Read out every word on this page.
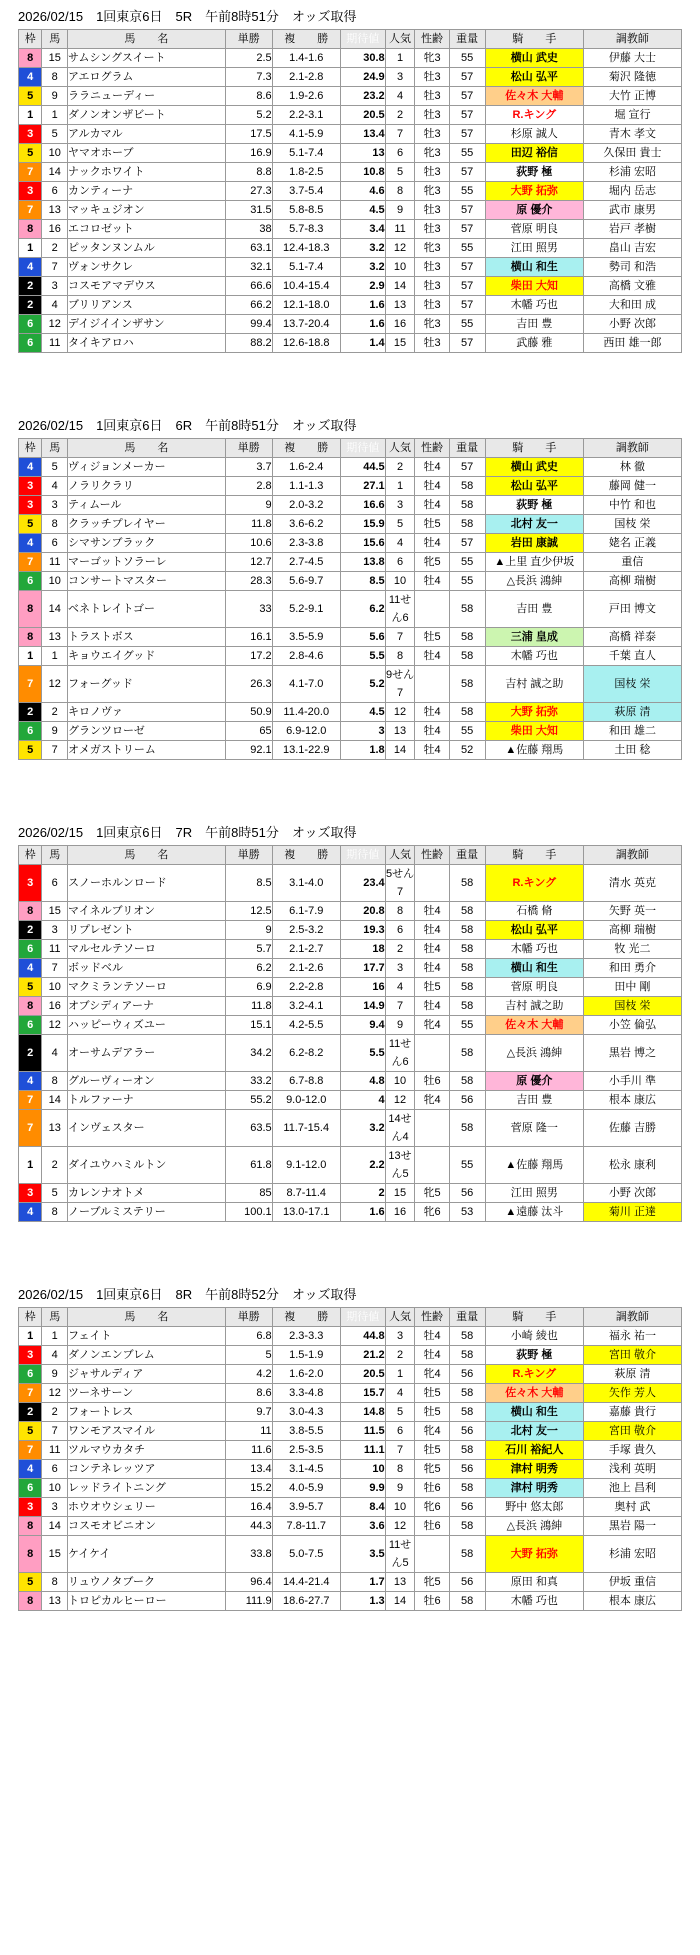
2026/02/15　1回東京6日　5R　午前8時51分　オッズ取得
枠	馬	馬　　名	単勝	複　　勝	期待値	人気	性齢	重量	騎　　手	調教師
8	15	サムシングスイート	2.5	1.4-1.6	30.8	1	牝3	55	横山 武史	伊藤 大士
4	8	アエログラム	7.3	2.1-2.8	24.9	3	牡3	57	松山 弘平	菊沢 隆徳
5	9	ララニューディー	8.6	1.9-2.6	23.2	4	牡3	57	佐々木 大輔	大竹 正博
1	1	ダノンオンザビート	5.2	2.2-3.1	20.5	2	牡3	57	R.キング	堀 宣行
3	5	アルカマル	17.5	4.1-5.9	13.4	7	牡3	57	杉原 誠人	青木 孝文
5	10	ヤマオホーブ	16.9	5.1-7.4	13	6	牝3	55	田辺 裕信	久保田 貴士
7	14	ナックホワイト	8.8	1.8-2.5	10.8	5	牡3	57	荻野 極	杉浦 宏昭
3	6	カンティーナ	27.3	3.7-5.4	4.6	8	牝3	55	大野 拓弥	堀内 岳志
7	13	マッキュジオン	31.5	5.8-8.5	4.5	9	牡3	57	原 優介	武市 康男
8	16	エコロゼット	38	5.7-8.3	3.4	11	牡3	57	菅原 明良	岩戸 孝樹
1	2	ピッタンヌンムル	63.1	12.4-18.3	3.2	12	牝3	55	江田 照男	畠山 吉宏
4	7	ヴォンサクレ	32.1	5.1-7.4	3.2	10	牡3	57	横山 和生	勢司 和浩
2	3	コスモアマデウス	66.6	10.4-15.4	2.9	14	牡3	57	柴田 大知	高橋 文雅
2	4	ブリリアンス	66.2	12.1-18.0	1.6	13	牡3	57	木幡 巧也	大和田 成
6	12	デイジイインザサン	99.4	13.7-20.4	1.6	16	牝3	55	吉田 豊	小野 次郎
6	11	タイキアロハ	88.2	12.6-18.8	1.4	15	牡3	57	武藤 雅	西田 雄一郎
2026/02/15　1回東京6日　6R　午前8時51分　オッズ取得
枠	馬	馬　　名	単勝	複　　勝	期待値	人気	性齢	重量	騎　　手	調教師
4	5	ヴィジョンメーカー	3.7	1.6-2.4	44.5	2	牡4	57	横山 武史	林 徹
3	4	ノラリクラリ	2.8	1.1-1.3	27.1	1	牡4	58	松山 弘平	藤岡 健一
3	3	ティムール	9	2.0-3.2	16.6	3	牡4	58	荻野 極	中竹 和也
5	8	クラッチプレイヤー	11.8	3.6-6.2	15.9	5	牡5	58	北村 友一	国枝 栄
4	6	シマサンブラック	10.6	2.3-3.8	15.6	4	牡4	57	岩田 康誠	姥名 正義
7	11	マーゴットソラーレ	12.7	2.7-4.5	13.8	6	牝5	55	▲上里 直少伊坂	重信
6	10	コンサートマスター	28.3	5.6-9.7	8.5	10	牡4	55	△長浜 鴻紳	高柳 瑞樹
8	14	ベネトレイトゴー	33	5.2-9.1	6.2	11せん6		58	吉田 豊	戸田 博文
8	13	トラストボス	16.1	3.5-5.9	5.6	7	牡5	58	三浦 皇成	高橋 祥泰
1	1	キョウエイグッド	17.2	2.8-4.6	5.5	8	牡4	58	木幡 巧也	千葉 直人
7	12	フォーグッド	26.3	4.1-7.0	5.2	9せん7		58	吉村 誠之助	国枝 栄
2	2	キロノヴァ	50.9	11.4-20.0	4.5	12	牡4	58	大野 拓弥	萩原 清
6	9	グランツローゼ	65	6.9-12.0	3	13	牡4	55	柴田 大知	和田 雄二
5	7	オメガストリーム	92.1	13.1-22.9	1.8	14	牡4	52	▲佐藤 翔馬	土田 稔
2026/02/15　1回東京6日　7R　午前8時51分　オッズ取得
枠	馬	馬　　名	単勝	複　　勝	期待値	人気	性齢	重量	騎　　手	調教師
3	6	スノーホルンロード	8.5	3.1-4.0	23.4	5せん7		58	R.キング	清水 英克
8	15	マイネルブリオン	12.5	6.1-7.9	20.8	8	牡4	58	石橋 脩	矢野 英一
2	3	リプレゼント	9	2.5-3.2	19.3	6	牡4	58	松山 弘平	高柳 瑞樹
6	11	マルセルテソーロ	5.7	2.1-2.7	18	2	牡4	58	木幡 巧也	牧 光二
4	7	ボッドベル	6.2	2.1-2.6	17.7	3	牡4	58	横山 和生	和田 勇介
5	10	マクミランテソーロ	6.9	2.2-2.8	16	4	牡5	58	菅原 明良	田中 剛
8	16	オブシディアーナ	11.8	3.2-4.1	14.9	7	牡4	58	吉村 誠之助	国枝 栄
6	12	ハッピーウィズユー	15.1	4.2-5.5	9.4	9	牝4	55	佐々木 大輔	小笠 倫弘
2	4	オーサムデアラー	34.2	6.2-8.2	5.5	11せん6		58	△長浜 鴻紳	黒岩 博之
4	8	グルーヴィーオン	33.2	6.7-8.8	4.8	10	牡6	58	原 優介	小手川 準
7	14	トルファーナ	55.2	9.0-12.0	4	12	牝4	56	吉田 豊	根本 康広
7	13	インヴェスター	63.5	11.7-15.4	3.2	14せん4		58	菅原 隆一	佐藤 吉勝
1	2	ダイユウハミルトン	61.8	9.1-12.0	2.2	13せん5		55	▲佐藤 翔馬	松永 康利
3	5	カレンナオトメ	85	8.7-11.4	2	15	牝5	56	江田 照男	小野 次郎
4	8	ノーブルミステリー	100.1	13.0-17.1	1.6	16	牝6	53	▲遠藤 汰斗	菊川 正達
2026/02/15　1回東京6日　8R　午前8時52分　オッズ取得
枠	馬	馬　　名	単勝	複　　勝	期待値	人気	性齢	重量	騎　　手	調教師
1	1	フェイト	6.8	2.3-3.3	44.8	3	牡4	58	小崎 綾也	福永 祐一
3	4	ダノンエンブレム	5	1.5-1.9	21.2	2	牡4	58	荻野 極	宮田 敬介
6	9	ジャサルディア	4.2	1.6-2.0	20.5	1	牝4	56	R.キング	萩原 清
7	12	ツーネサーン	8.6	3.3-4.8	15.7	4	牡5	58	佐々木 大輔	矢作 芳人
2	2	フォートレス	9.7	3.0-4.3	14.8	5	牡5	58	横山 和生	嘉藤 貴行
5	7	ワンモアスマイル	11	3.8-5.5	11.5	6	牝4	56	北村 友一	宮田 敬介
7	11	ツルマウカタチ	11.6	2.5-3.5	11.1	7	牡5	58	石川 裕紀人	手塚 貴久
4	6	コンテネレッツア	13.4	3.1-4.5	10	8	牝5	56	津村 明秀	浅利 英明
6	10	レッドライトニング	15.2	4.0-5.9	9.9	9	牡6	58	津村 明秀	池上 昌利
3	3	ホウオウシェリー	16.4	3.9-5.7	8.4	10	牝6	56	野中 悠太郎	奥村 武
8	14	コスモオビニオン	44.3	7.8-11.7	3.6	12	牡6	58	△長浜 鴻紳	黒岩 陽一
8	15	ケイケイ	33.8	5.0-7.5	3.5	11せん5		58	大野 拓弥	杉浦 宏昭
5	8	リュウノタブーク	96.4	14.4-21.4	1.7	13	牝5	56	原田 和真	伊坂 重信
8	13	トロピカルヒーロー	111.9	18.6-27.7	1.3	14	牡6	58	木幡 巧也	根本 康広
